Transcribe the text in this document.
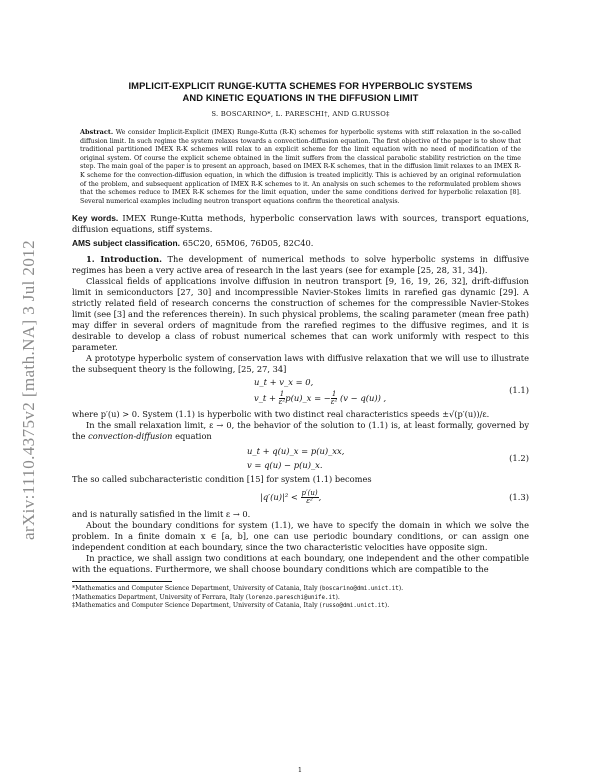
arXiv:1110.4375v2 [math.NA] 3 Jul 2012
IMPLICIT-EXPLICIT RUNGE-KUTTA SCHEMES FOR HYPERBOLIC SYSTEMS
AND KINETIC EQUATIONS IN THE DIFFUSION LIMIT
S. BOSCARINO*, L. PARESCHI†, AND G.RUSSO‡
Abstract. We consider Implicit-Explicit (IMEX) Runge-Kutta (R-K) schemes for hyperbolic systems with stiff relaxation in the so-called diffusion limit. In such regime the system relaxes towards a convection-diffusion equation. The first objective of the paper is to show that traditional partitioned IMEX R-K schemes will relax to an explicit scheme for the limit equation with no need of modification of the original system. Of course the explicit scheme obtained in the limit suffers from the classical parabolic stability restriction on the time step. The main goal of the paper is to present an approach, based on IMEX R-K schemes, that in the diffusion limit relaxes to an IMEX R-K scheme for the convection-diffusion equation, in which the diffusion is treated implicitly. This is achieved by an original reformulation of the problem, and subsequent application of IMEX R-K schemes to it. An analysis on such schemes to the reformulated problem shows that the schemes reduce to IMEX R-K schemes for the limit equation, under the same conditions derived for hyperbolic relaxation [8]. Several numerical examples including neutron transport equations confirm the theoretical analysis.
Key words. IMEX Runge-Kutta methods, hyperbolic conservation laws with sources, transport equations, diffusion equations, stiff systems.
AMS subject classification. 65C20, 65M06, 76D05, 82C40.

1. Introduction. The development of numerical methods to solve hyperbolic systems in diffusive regimes has been a very active area of research in the last years (see for example [25, 28, 31, 34]).

Classical fields of applications involve diffusion in neutron transport [9, 16, 19, 26, 32], drift-diffusion limit in semiconductors [27, 30] and incompressible Navier-Stokes limits in rarefied gas dynamic [29]. A strictly related field of research concerns the construction of schemes for the compressible Navier-Stokes limit (see [3] and the references therein). In such physical problems, the scaling parameter (mean free path) may differ in several orders of magnitude from the rarefied regimes to the diffusive regimes, and it is desirable to develop a class of robust numerical schemes that can work uniformly with respect to this parameter.

A prototype hyperbolic system of conservation laws with diffusive relaxation that we will use to illustrate the subsequent theory is the following, [25, 27, 34]

u_t + v_x = 0,
v_t + $\frac{1}{\text{ε²}}p(u)\_x$ = − $\frac{1}{\text{ε²}} (v - q(u))$ ,
(1.1)

where p′(u) > 0. System (1.1) is hyperbolic with two distinct real characteristics speeds ±√(p′(u))/ε.

In the small relaxation limit, ε → 0, the behavior of the solution to (1.1) is, at least formally, governed by the convection-diffusion equation

u_t + q(u)_x = p(u)_xx,
v = q(u) − p(u)_x.
(1.2)

The so called subcharacteristic condition [15] for system (1.1) becomes

$|q'(u)|^2 < \frac{p'(u)}{\text{ε²}}$,	(1.3)

and is naturally satisfied in the limit ε → 0.

About the boundary conditions for system (1.1), we have to specify the domain in which we solve the problem. In a finite domain x ∈ [a, b], one can use periodic boundary conditions, or can assign one independent condition at each boundary, since the two characteristic velocities have opposite sign.

In practice, we shall assign two conditions at each boundary, one independent and the other compatible with the equations. Furthermore, we shall choose boundary conditions which are compatible to the

*Mathematics and Computer Science Department, University of Catania, Italy (boscarino@dmi.unict.it).
†Mathematics Department, University of Ferrara, Italy (lorenzo.pareschi@unife.it).
‡Mathematics and Computer Science Department, University of Catania, Italy (russo@dmi.unict.it).
1
